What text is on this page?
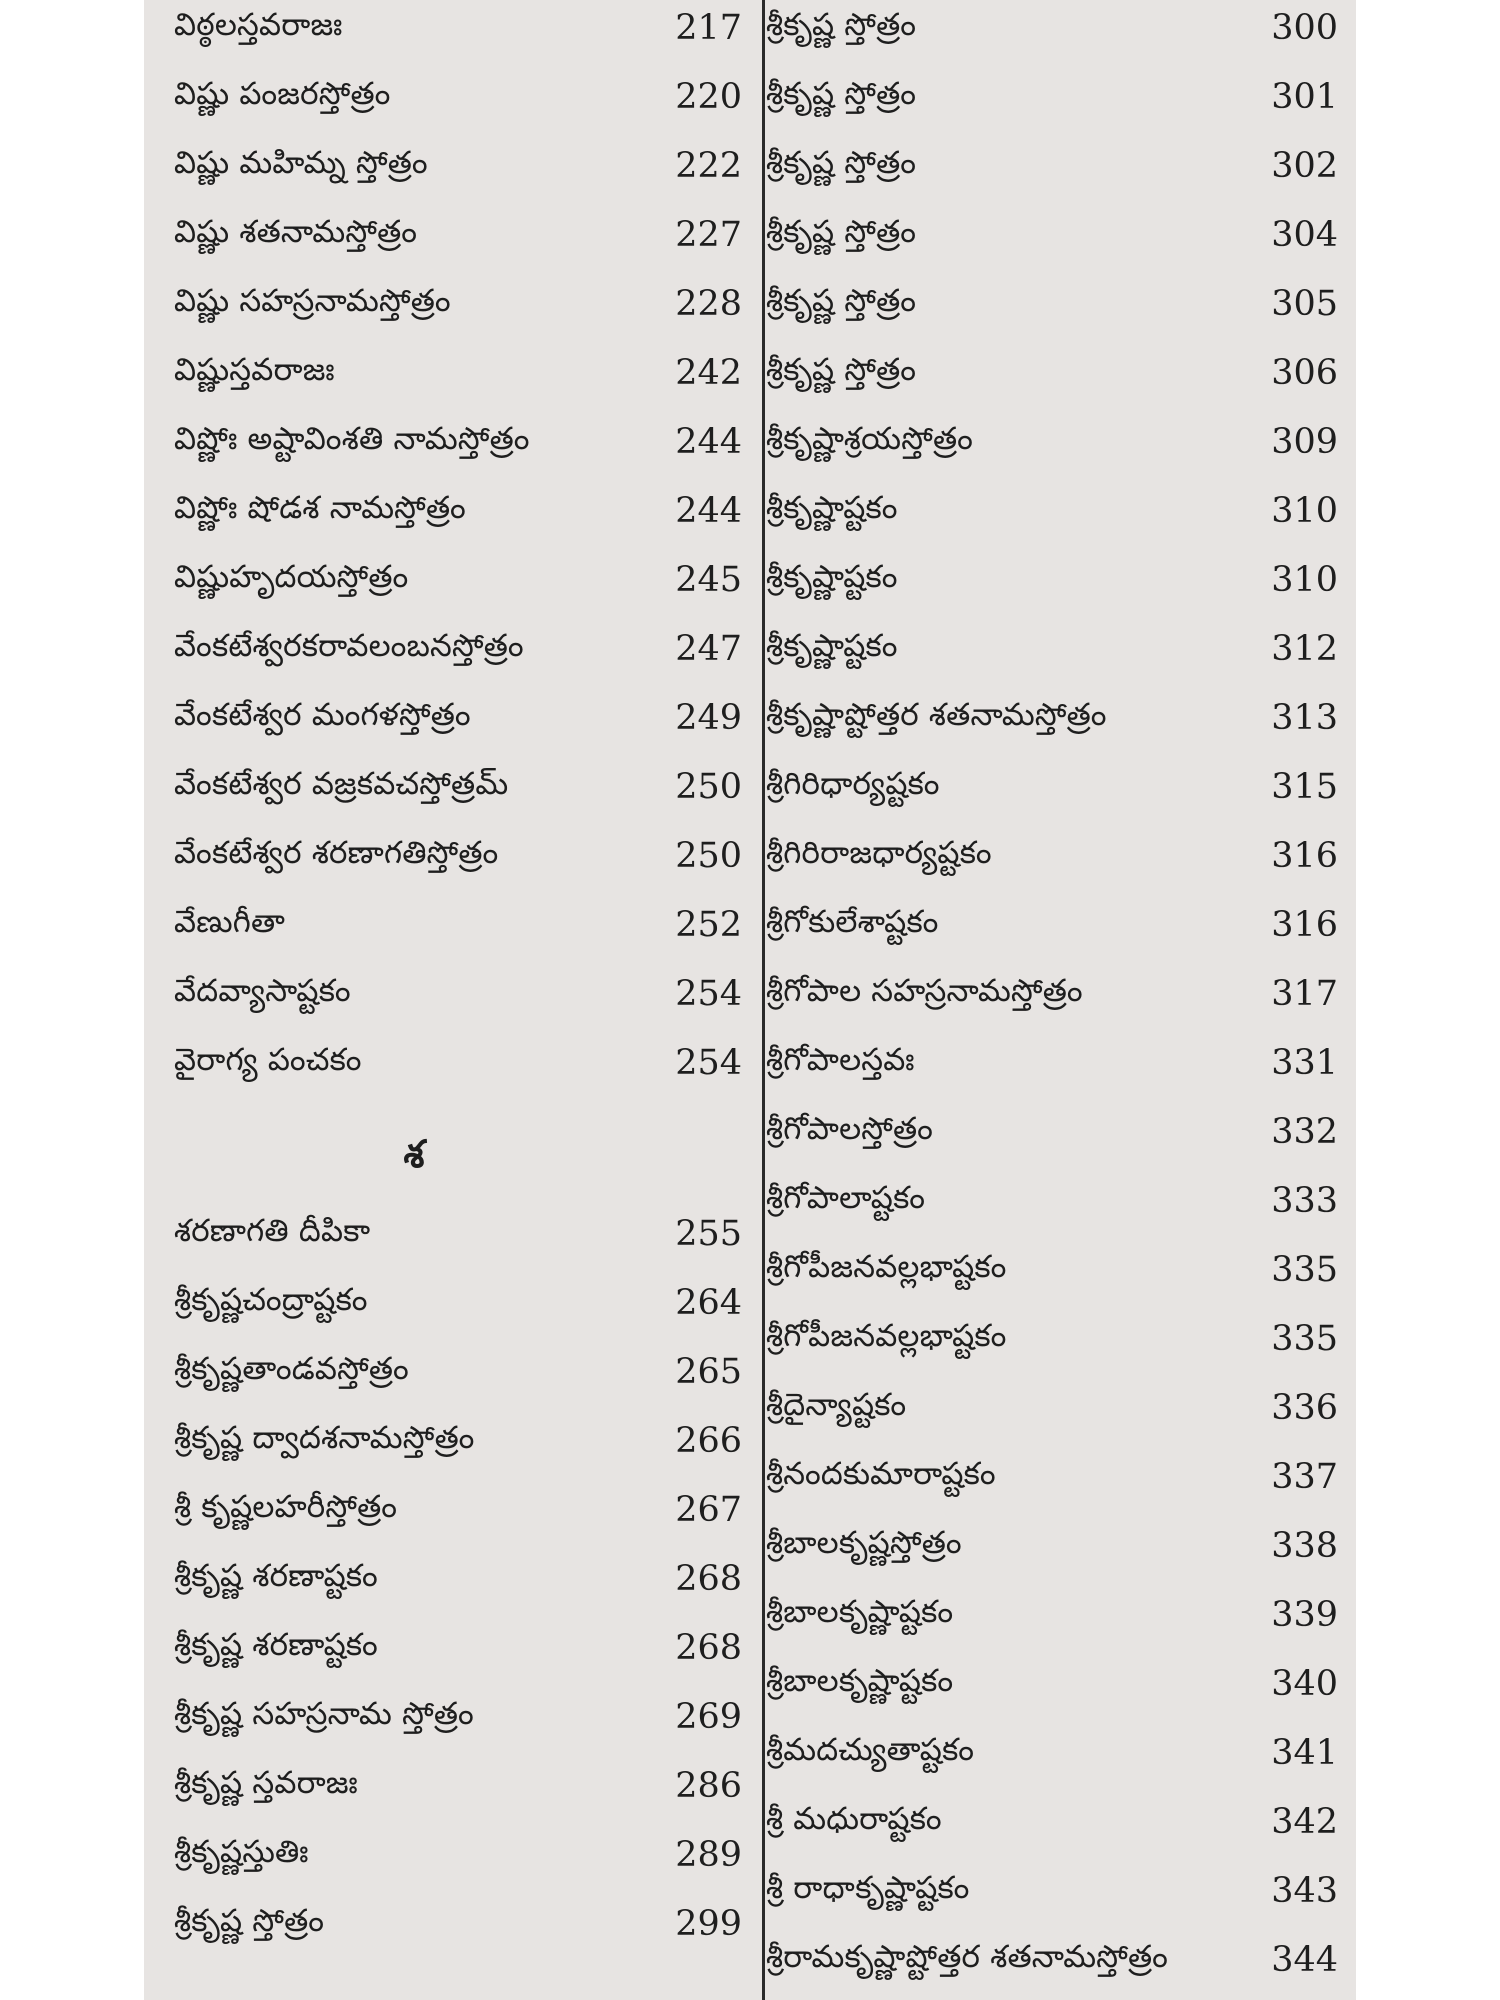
విఠ్ఠలస్తవరాజః	217
విష్ణు పంజరస్తోత్రం	220
విష్ణు మహిమ్న స్తోత్రం	222
విష్ణు శతనామస్తోత్రం	227
విష్ణు సహస్రనామస్తోత్రం	228
విష్ణుస్తవరాజః	242
విష్ణోః అష్టావింశతి నామస్తోత్రం	244
విష్ణోః షోడశ నామస్తోత్రం	244
విష్ణుహృదయస్తోత్రం	245
వేంకటేశ్వరకరావలంబనస్తోత్రం	247
వేంకటేశ్వర మంగళస్తోత్రం	249
వేంకటేశ్వర వజ్రకవచస్తోత్రమ్	250
వేంకటేశ్వర శరణాగతిస్తోత్రం	250
వేణుగీతా	252
వేదవ్యాసాష్టకం	254
వైరాగ్య పంచకం	254
శ
శరణాగతి దీపికా	255
శ్రీకృష్ణచంద్రాష్టకం	264
శ్రీకృష్ణతాండవస్తోత్రం	265
శ్రీకృష్ణ ద్వాదశనామస్తోత్రం	266
శ్రీ కృష్ణలహరీస్తోత్రం	267
శ్రీకృష్ణ శరణాష్టకం	268
శ్రీకృష్ణ శరణాష్టకం	268
శ్రీకృష్ణ సహస్రనామ స్తోత్రం	269
శ్రీకృష్ణ స్తవరాజః	286
శ్రీకృష్ణస్తుతిః	289
శ్రీకృష్ణ స్తోత్రం	299
శ్రీకృష్ణ స్తోత్రం	300
శ్రీకృష్ణ స్తోత్రం	301
శ్రీకృష్ణ స్తోత్రం	302
శ్రీకృష్ణ స్తోత్రం	304
శ్రీకృష్ణ స్తోత్రం	305
శ్రీకృష్ణ స్తోత్రం	306
శ్రీకృష్ణాశ్రయస్తోత్రం	309
శ్రీకృష్ణాష్టకం	310
శ్రీకృష్ణాష్టకం	310
శ్రీకృష్ణాష్టకం	312
శ్రీకృష్ణాష్టోత్తర శతనామస్తోత్రం	313
శ్రీగిరిధార్యష్టకం	315
శ్రీగిరిరాజధార్యష్టకం	316
శ్రీగోకులేశాష్టకం	316
శ్రీగోపాల సహస్రనామస్తోత్రం	317
శ్రీగోపాలస్తవః	331
శ్రీగోపాలస్తోత్రం	332
శ్రీగోపాలాష్టకం	333
శ్రీగోపీజనవల్లభాష్టకం	335
శ్రీగోపీజనవల్లభాష్టకం	335
శ్రీదైన్యాష్టకం	336
శ్రీనందకుమారాష్టకం	337
శ్రీబాలకృష్ణస్తోత్రం	338
శ్రీబాలకృష్ణాష్టకం	339
శ్రీబాలకృష్ణాష్టకం	340
శ్రీమదచ్యుతాష్టకం	341
శ్రీ మధురాష్టకం	342
శ్రీ రాధాకృష్ణాష్టకం	343
శ్రీరామకృష్ణాష్టోత్తర శతనామస్తోత్రం	344
